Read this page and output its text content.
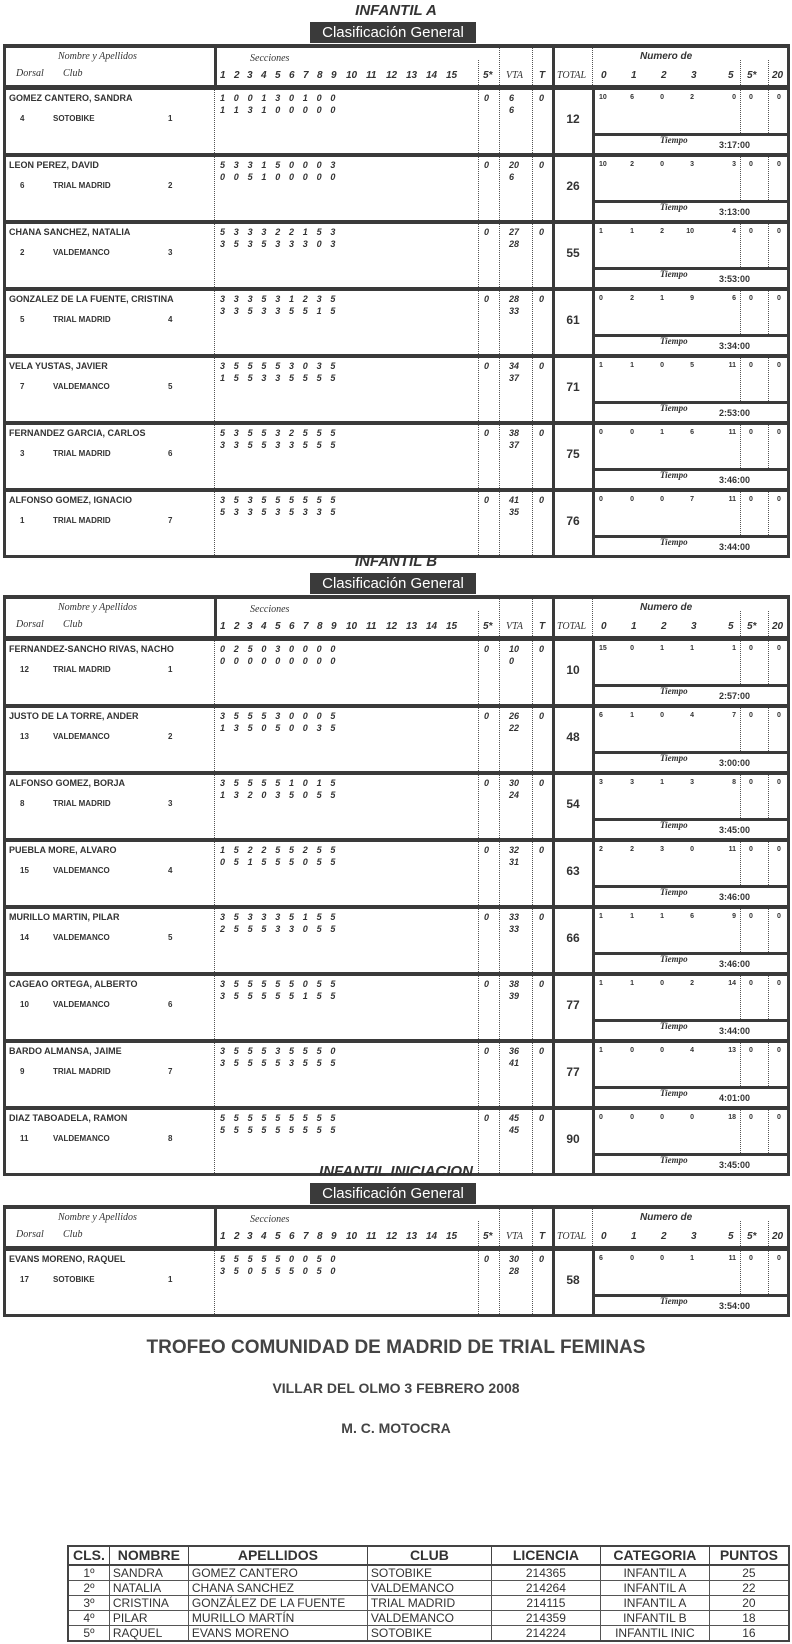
INFANTIL A
Clasificación General
Nombre y Apellidos
Dorsal Club
Secciones	Numero de
5* VTA T TOTAL
1 2 3 4 5 6 7 8 9 10 11 12 13 14 15	0 1 2 3	5 5* 20
GOMEZ CANTERO, SANDRA
4	SOTOBIKE	1
1 0 0 1 3 0 1 0 0
1 1 3 1 0 0 0 0 0
0 6
6
0
12
10	6	0	2	0	0	0
Tiempo	3:17:00
LEON PEREZ, DAVID
6	TRIAL MADRID	2
5 3 3 1 5 0 0 0 3
0 0 5 1 0 0 0 0 0
0 20
6
0
26
10	2	0	3	3	0	0
Tiempo	3:13:00
CHANA SANCHEZ, NATALIA
2	VALDEMANCO	3
5 3 3 3 2 2 1 5 3
3 5 3 5 3 3 3 0 3
0 27
28
0
55
1	1	2	10	4	0	0
Tiempo	3:53:00
GONZALEZ DE LA FUENTE, CRISTINA
5	TRIAL MADRID	4
3 3 3 5 3 1 2 3 5
3 3 5 3 3 5 5 1 5
0 28
33
0
61
0	2	1	9	6	0	0
Tiempo	3:34:00
VELA YUSTAS, JAVIER
7	VALDEMANCO	5
3 5 5 5 5 3 0 3 5
1 5 5 3 3 5 5 5 5
0 34
37
0
71
1	1	0	5	11	0	0
Tiempo	2:53:00
FERNANDEZ GARCIA, CARLOS
3	TRIAL MADRID	6
5 3 5 5 3 2 5 5 5
3 3 5 5 3 3 5 5 5
0 38
37
0
75
0	0	1	6	11	0	0
Tiempo	3:46:00
ALFONSO GOMEZ, IGNACIO
1	TRIAL MADRID	7
3 5 3 5 5 5 5 5 5
5 3 3 5 3 5 3 3 5
0 41
35
0
76
0	0	0	7	11	0	0
Tiempo	3:44:00
INFANTIL B
Clasificación General
Nombre y Apellidos
Dorsal Club
Secciones	Numero de
5* VTA T TOTAL
1 2 3 4 5 6 7 8 9 10 11 12 13 14 15	0 1 2 3	5 5* 20
FERNANDEZ-SANCHO RIVAS, NACHO
12	TRIAL MADRID	1
0 2 5 0 3 0 0 0 0
0 0 0 0 0 0 0 0 0
0 10
0
0
10
15	0	1	1	1	0	0
Tiempo	2:57:00
JUSTO DE LA TORRE, ANDER
13	VALDEMANCO	2
3 5 5 5 3 0 0 0 5
1 3 5 0 5 0 0 3 5
0 26
22
0
48
6	1	0	4	7	0	0
Tiempo	3:00:00
ALFONSO GOMEZ, BORJA
8	TRIAL MADRID	3
3 5 5 5 5 1 0 1 5
1 3 2 0 3 5 0 5 5
0 30
24
0
54
3	3	1	3	8	0	0
Tiempo	3:45:00
PUEBLA MORE, ALVARO
15	VALDEMANCO	4
1 5 2 2 5 5 2 5 5
0 5 1 5 5 5 0 5 5
0 32
31
0
63
2	2	3	0	11	0	0
Tiempo	3:46:00
MURILLO MARTIN, PILAR
14	VALDEMANCO	5
3 5 3 3 3 5 1 5 5
2 5 5 5 3 3 0 5 5
0 33
33
0
66
1	1	1	6	9	0	0
Tiempo	3:46:00
CAGEAO ORTEGA, ALBERTO
10	VALDEMANCO	6
3 5 5 5 5 5 0 5 5
3 5 5 5 5 5 1 5 5
0 38
39
0
77
1	1	0	2	14	0	0
Tiempo	3:44:00
BARDO ALMANSA, JAIME
9	TRIAL MADRID	7
3 5 5 5 3 5 5 5 0
3 5 5 5 5 3 5 5 5
0 36
41
0
77
1	0	0	4	13	0	0
Tiempo	4:01:00
DIAZ TABOADELA, RAMON
11	VALDEMANCO	8
5 5 5 5 5 5 5 5 5
5 5 5 5 5 5 5 5 5
0 45
45
0
90
0	0	0	0	18	0	0
Tiempo	3:45:00
INFANTIL INICIACION
Clasificación General
Nombre y Apellidos
Dorsal Club
Secciones	Numero de
5* VTA T TOTAL
1 2 3 4 5 6 7 8 9 10 11 12 13 14 15	0 1 2 3	5 5* 20
EVANS MORENO, RAQUEL
17	SOTOBIKE	1
5 5 5 5 5 0 0 5 0
3 5 0 5 5 5 0 5 0
0 30
28
0
58
6	0	0	1	11	0	0
Tiempo	3:54:00
TROFEO COMUNIDAD DE MADRID DE TRIAL FEMINAS
VILLAR DEL OLMO 3 FEBRERO 2008
M. C. MOTOCRA
CLS.	NOMBRE	APELLIDOS	CLUB	LICENCIA	CATEGORIA	PUNTOS
1º	SANDRA	GOMEZ CANTERO	SOTOBIKE	214365	INFANTIL A	25
2º	NATALIA	CHANA SANCHEZ	VALDEMANCO	214264	INFANTIL A	22
3º	CRISTINA	GONZÁLEZ DE LA FUENTE	TRIAL MADRID	214115	INFANTIL A	20
4º	PILAR	MURILLO MARTÍN	VALDEMANCO	214359	INFANTIL B	18
5º	RAQUEL	EVANS MORENO	SOTOBIKE	214224	INFANTIL INIC	16
